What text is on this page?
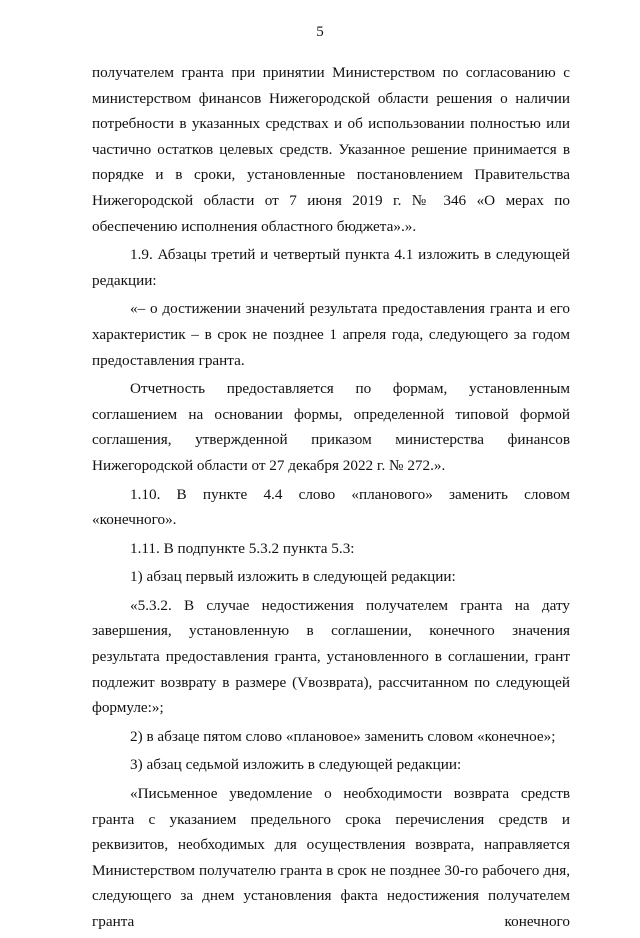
5

получателем гранта при принятии Министерством по согласованию с министерством финансов Нижегородской области решения о наличии потребности в указанных средствах и об использовании полностью или частично остатков целевых средств. Указанное решение принимается в порядке и в сроки, установленные постановлением Правительства Нижегородской области от 7 июня 2019 г. № 346 «О мерах по обеспечению исполнения областного бюджета».».

1.9. Абзацы третий и четвертый пункта 4.1 изложить в следующей редакции:

«– о достижении значений результата предоставления гранта и его характеристик – в срок не позднее 1 апреля года, следующего за годом предоставления гранта.

Отчетность предоставляется по формам, установленным соглашением на основании формы, определенной типовой формой соглашения, утвержденной приказом министерства финансов Нижегородской области от 27 декабря 2022 г. № 272.».

1.10. В пункте 4.4 слово «планового» заменить словом «конечного».

1.11. В подпункте 5.3.2 пункта 5.3:

1) абзац первый изложить в следующей редакции:

«5.3.2. В случае недостижения получателем гранта на дату завершения, установленную в соглашении, конечного значения результата предоставления гранта, установленного в соглашении, грант подлежит возврату в размере (Vвозврата), рассчитанном по следующей формуле:»;

2) в абзаце пятом слово «плановое» заменить словом «конечное»;

3) абзац седьмой изложить в следующей редакции:

«Письменное уведомление о необходимости возврата средств гранта с указанием предельного срока перечисления средств и реквизитов, необходимых для осуществления возврата, направляется Министерством получателю гранта в срок не позднее 30-го рабочего дня, следующего за днем установления факта недостижения получателем гранта конечного
